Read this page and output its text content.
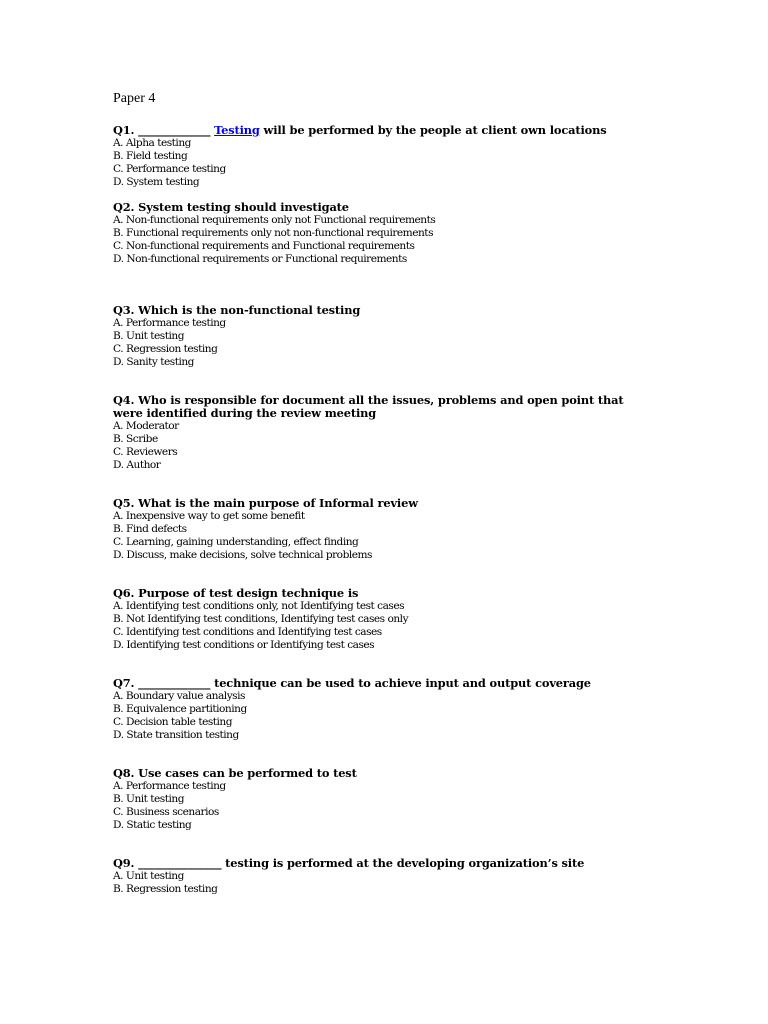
Paper 4

Q1. _____________ Testing will be performed by the people at client own locations

A. Alpha testing

B. Field testing

C. Performance testing

D. System testing

Q2. System testing should investigate

A. Non-functional requirements only not Functional requirements

B. Functional requirements only not non-functional requirements

C. Non-functional requirements and Functional requirements

D. Non-functional requirements or Functional requirements

Q3. Which is the non-functional testing

A. Performance testing

B. Unit testing

C. Regression testing

D. Sanity testing

Q4. Who is responsible for document all the issues, problems and open point that were identified during the review meeting

A. Moderator

B. Scribe

C. Reviewers

D. Author

Q5. What is the main purpose of Informal review

A. Inexpensive way to get some benefit

B. Find defects

C. Learning, gaining understanding, effect finding

D. Discuss, make decisions, solve technical problems

Q6. Purpose of test design technique is

A. Identifying test conditions only, not Identifying test cases

B. Not Identifying test conditions, Identifying test cases only

C. Identifying test conditions and Identifying test cases

D. Identifying test conditions or Identifying test cases

Q7. _____________ technique can be used to achieve input and output coverage

A. Boundary value analysis

B. Equivalence partitioning

C. Decision table testing

D. State transition testing

Q8. Use cases can be performed to test

A. Performance testing

B. Unit testing

C. Business scenarios

D. Static testing

Q9. _______________ testing is performed at the developing organization’s site

A. Unit testing

B. Regression testing
